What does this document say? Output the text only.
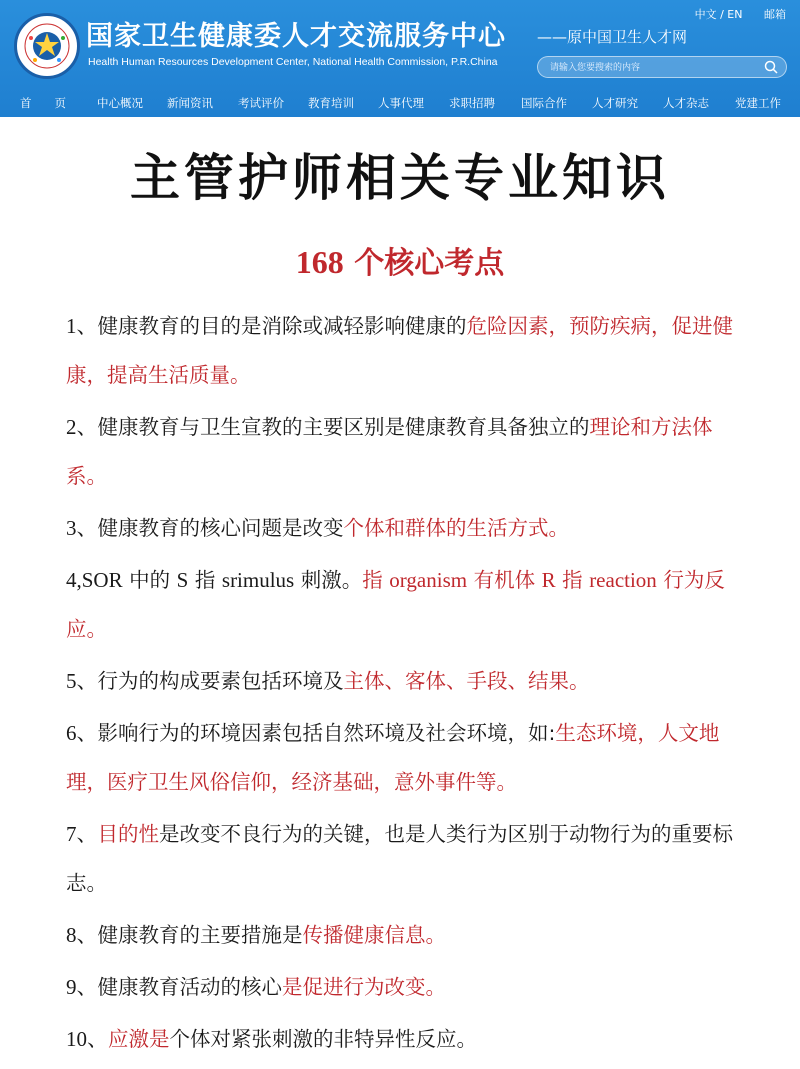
国家卫生健康委人才交流服务中心
Health Human Resources Development Center, National Health Commission, P.R.China
——原中国卫生人才网
中文 / EN 邮箱
请输入您要搜索的内容
首　　页	中心概况	新闻资讯	考试评价	教育培训	人事代理	求职招聘	国际合作	人才研究	人才杂志	党建工作
主管护师相关专业知识
168 个核心考点
1、健康教育的目的是消除或减轻影响健康的危险因素，预防疾病，促进健康，提高生活质量。
2、健康教育与卫生宣教的主要区别是健康教育具备独立的理论和方法体系。
3、健康教育的核心问题是改变个体和群体的生活方式。
4,SOR 中的 S 指 srimulus 刺激。指 organism 有机体 R 指 reaction 行为反应。
5、行为的构成要素包括环境及主体、客体、手段、结果。
6、影响行为的环境因素包括自然环境及社会环境，如:生态环境，人文地理，医疗卫生风俗信仰，经济基础，意外事件等。
7、目的性是改变不良行为的关键，也是人类行为区别于动物行为的重要标志。
8、健康教育的主要措施是传播健康信息。
9、健康教育活动的核心是促进行为改变。
10、应激是个体对紧张刺激的非特异性反应。
